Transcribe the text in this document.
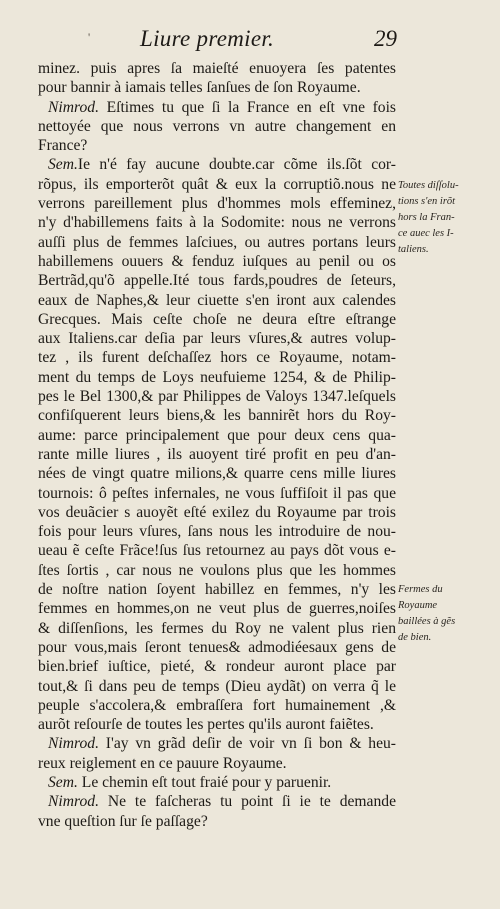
' Liure premier.	29
minez. puis apres ſa maieſté enuoyera ſes patentes
pour bannir à iamais telles ſanſues de ſon Royaume.
Nimrod. Eſtimes tu que ſi la France en eſt vne fois
nettoyée que nous verrons vn autre changement en
France?
Sem.Ie n'é fay aucune doubte.car cõme ils.ſõt cor-
rõpus, ils emporterõt quât & eux la corruptiõ.nous ne
verrons pareillement plus d'hommes mols effeminez,
n'y d'habillemens faits à la Sodomite: nous ne verrons
auſſi plus de femmes laſciues, ou autres portans leurs
habillemens ouuers & fenduz iuſques au penil ou os
Bertrãd,qu'õ appelle.Ité tous fards,poudres de ſeteurs,
eaux de Naphes,& leur ciuette s'en iront aux calendes
Grecques. Mais ceſte choſe ne deura eſtre eſtrange
aux Italiens.car deſia par leurs vſures,& autres volup-
tez , ils furent deſchaſſez hors ce Royaume, notam-
ment du temps de Loys neufuieme 1254, & de Philip-
pes le Bel 1300,& par Philippes de Valoys 1347.leſquels
confiſquerent leurs biens,& les bannirẽt hors du Roy-
aume: parce principalement que pour deux cens qua-
rante mille liures , ils auoyent tiré profit en peu d'an-
nées de vingt quatre milions,& quarre cens mille liures
tournois: ô peſtes infernales, ne vous ſuffiſoit il pas que
vos deuãcier s auoyẽt eſté exilez du Royaume par trois
fois pour leurs vſures, ſans nous les introduire de nou-
ueau ẽ ceſte Frãce!ſus ſus retournez au pays dõt vous e-
ſtes ſortis , car nous ne voulons plus que les hommes
de noſtre nation ſoyent habillez en femmes, n'y les
femmes en hommes,on ne veut plus de guerres,noiſes
& diſſenſions, les fermes du Roy ne valent plus rien
pour vous,mais ſeront tenues& admodiéesaux gens de
bien.brief iuſtice, pieté, & rondeur auront place par
tout,& ſi dans peu de temps (Dieu aydãt) on verra q̃ le
peuple s'accolera,& embraſſera fort humainement ,&
aurõt reſourſe de toutes les pertes qu'ils auront faiẽtes.
Nimrod. I'ay vn grãd deſir de voir vn ſi bon & heu-
reux reiglement en ce pauure Royaume.
Sem. Le chemin eſt tout fraié pour y paruenir.
Nimrod. Ne te faſcheras tu point ſi ie te demande
vne queſtion ſur ſe paſſage?
Toutes diſſolu-
tions s'en irõt
hors la Fran-
ce auec les I-
taliens.
Fermes du
Royaume
baillées à gẽs
de bien.
